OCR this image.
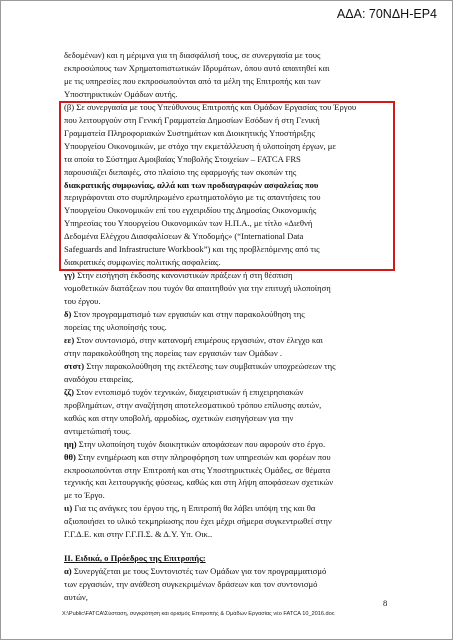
ΑΔΑ: 70ΝΔΗ-ΕΡ4

δεδομένων) και η μέριμνα για τη διασφάλισή τους, σε συνεργασία με τους

εκπροσώπους των Χρηματοπιστωτικών Ιδρυμάτων, όπου αυτό απαιτηθεί και

με τις υπηρεσίες που εκπροσωπούνται από τα μέλη της Επιτροπής και των

Υποστηρικτικών Ομάδων αυτής.

(β) Σε συνεργασία με τους Υπεύθυνους Επιτροπής και Ομάδων Εργασίας του Έργου

που λειτουργούν στη Γενική Γραμματεία Δημοσίων Εσόδων ή στη Γενική

Γραμματεία Πληροφοριακών Συστημάτων και Διοικητικής Υποστήριξης

Υπουργείου Οικονομικών, με στόχο την εκμετάλλευση ή υλοποίηση έργων, με

τα οποία το Σύστημα Αμοιβαίας Υποβολής Στοιχείων – FATCA FRS

παρουσιάζει διεπαφές, στο πλαίσιο της εφαρμογής των σκοπών της

διακρατικής συμφωνίας, αλλά και των προδιαγραφών ασφαλείας που

περιγράφονται στο συμπληρωμένο ερωτηματολόγιο με τις απαντήσεις του

Υπουργείου Οικονομικών επί του εγχειριδίου της Δημοσίας Οικονομικής

Υπηρεσίας του Υπουργείου Οικονομικών των Η.Π.Α., με τίτλο «Διεθνή

Δεδομένα Ελέγχου Διασφαλίσεων & Υποδομής» (“International Data

Safeguards and Infrastructure Workbook”) και της προβλεπόμενης από τις

διακρατικές συμφωνίες πολιτικής ασφαλείας.

γγ) Στην εισήγηση έκδοσης κανονιστικών πράξεων ή στη θέσπιση

νομοθετικών διατάξεων που τυχόν θα απαιτηθούν για την επιτυχή υλοποίηση

του έργου.

δ) Στον προγραμματισμό των εργασιών και στην παρακολούθηση της

πορείας της υλοποίησής τους.

εε) Στον συντονισμό, στην κατανομή επιμέρους εργασιών, στον έλεγχο και

στην παρακολούθηση της πορείας των εργασιών των Ομάδων .

στστ) Στην παρακολούθηση της εκτέλεσης των συμβατικών υποχρεώσεων της

αναδόχου εταιρείας.

ζζ) Στον εντοπισμό τυχόν τεχνικών, διαχειριστικών ή επιχειρησιακών

προβλημάτων, στην αναζήτηση αποτελεσματικού τρόπου επίλυσης αυτών,

καθώς και στην υποβολή, αρμοδίως, σχετικών εισηγήσεων για την

αντιμετώπισή τους.

ηη) Στην υλοποίηση τυχόν διοικητικών αποφάσεων που αφορούν στο έργο.

θθ) Στην ενημέρωση και στην πληροφόρηση των υπηρεσιών και φορέων που

εκπροσωπούνται στην Επιτροπή και στις Υποστηρικτικές Ομάδες, σε θέματα

τεχνικής και λειτουργικής φύσεως, καθώς και στη λήψη αποφάσεων σχετικών

με το Έργο.

ιι) Για τις ανάγκες του έργου της, η Επιτροπή θα λάβει υπόψη της και θα

αξιοποιήσει το υλικό τεκμηρίωσης που έχει μέχρι σήμερα συγκεντρωθεί στην

Γ.Γ.Δ.Ε. και στην Γ.Γ.Π.Σ. & Δ.Υ. Υπ. Οικ..

ΙΙ. Ειδικά, ο Πρόεδρος της Επιτροπής:

α) Συνεργάζεται με τους Συντονιστές των Ομάδων για τον προγραμματισμό

των εργασιών, την ανάθεση συγκεκριμένων δράσεων και τον συντονισμό

αυτών,

8
X:\Public\FATCA\Σύσταση, συγκρότηση και ορισμός Επιτροπής & Ομάδων Εργασίας νέο FATCA 10_2016.doc
